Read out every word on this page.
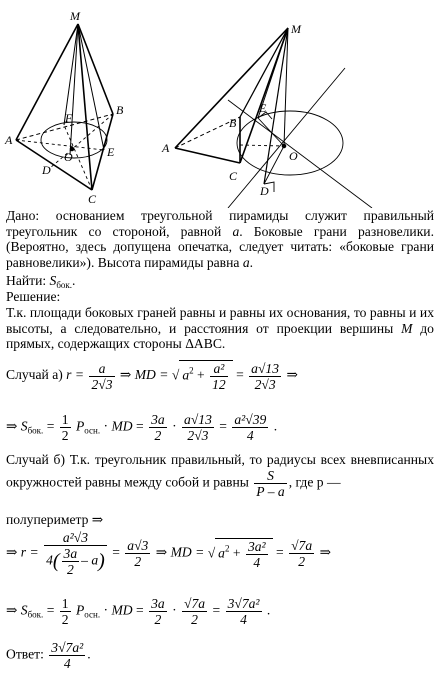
M
A
B
C
D
E
F
O
M
A
B
C
D
E
O
Дано: основанием треугольной пирамиды служит правильный треугольник со стороной, равной a. Боковые грани разновелики. (Вероятно, здесь допущена опечатка, следует читать: «боковые грани равновелики»). Высота пирамиды равна a.
Найти: $S_{бок.}$.
Решение:
Т.к. площади боковых граней равны и равны их основания, то равны и их высоты, а следовательно, и расстояния от проекции вершины M до прямых, содержащих стороны ΔABC.
Случай а) $r = \frac{a}{2√3}$ ⇒ MD = √ $a^2 + \frac{\text{a²}}{12} = \frac{a√13}{2√3}$ ⇒
⇒ $S_{бок.} = \frac{1}{2} P_{осн.}$ · MD = $\frac{3a}{2} \cdot \frac{a√13}{2√3} = \frac{\text{a²√39}}{4}$ .
Случай б) Т.к. треугольник правильный, то радиусы всех вневписанных окружностей равны между собой и равны $\frac{S}{P - a}$ , где p —
полупериметр ⇒
⇒ $r = \frac{\text{a²√3}}{4( \frac{3a}{2} - a)} = \frac{a√3}{2}$ ⇒ MD = √ $a^2 + \frac{\text{3a²}}{4} = \frac{√7a}{2}$ ⇒
⇒ $S_{бок.} = \frac{1}{2} P_{осн.}$ · MD = $\frac{3a}{2} \cdot \frac{√7a}{2} = \frac{\text{3√7a²}}{4}$ .
Ответ: $\frac{\text{3√7a²}}{4}$ .
